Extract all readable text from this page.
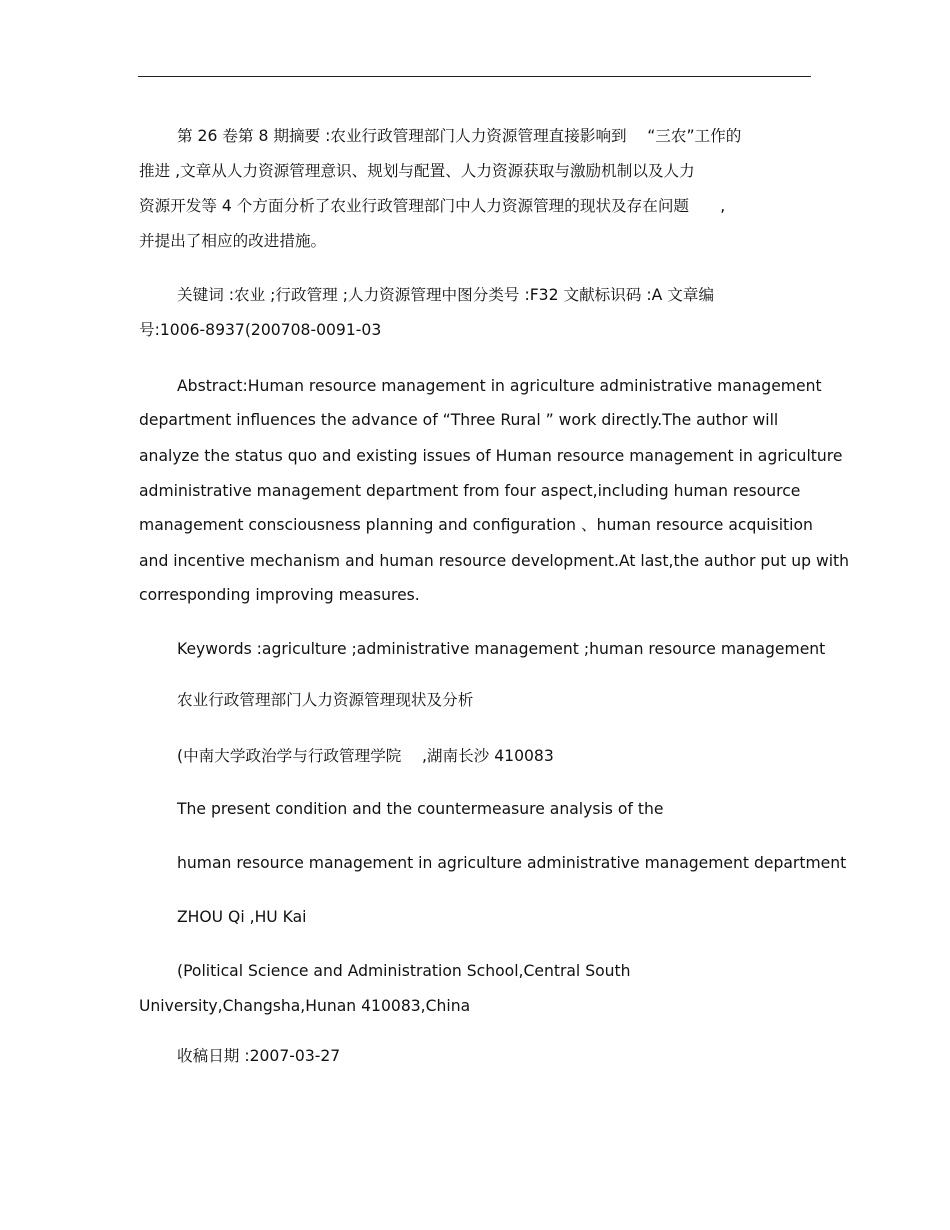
第 26 卷第 8 期摘要 :农业行政管理部门人力资源管理直接影响到　 “三农”工作的
推进 ,文章从人力资源管理意识、规划与配置、人力资源获取与激励机制以及人力
资源开发等 4 个方面分析了农业行政管理部门中人力资源管理的现状及存在问题　　,
并提出了相应的改进措施。
关键词 :农业 ;行政管理 ;人力资源管理中图分类号 :F32 文献标识码 :A 文章编
号:1006-8937(200708-0091-03
Abstract:Human resource management in agriculture administrative management
department influences the advance of “Three Rural ” work directly.The author will
analyze the status quo and existing issues of Human resource management in agriculture
administrative management department from four aspect,including human resource
management consciousness planning and configuration 、human resource acquisition
and incentive mechanism and human resource development.At last,the author put up with
corresponding improving measures.
Keywords :agriculture ;administrative management ;human resource management
农业行政管理部门人力资源管理现状及分析
(中南大学政治学与行政管理学院　 ,湖南长沙 410083
The present condition and the countermeasure analysis of the
human resource management in agriculture administrative management department
ZHOU Qi ,HU Kai
(Political Science and Administration School,Central South
University,Changsha,Hunan 410083,China
收稿日期 :2007-03-27
